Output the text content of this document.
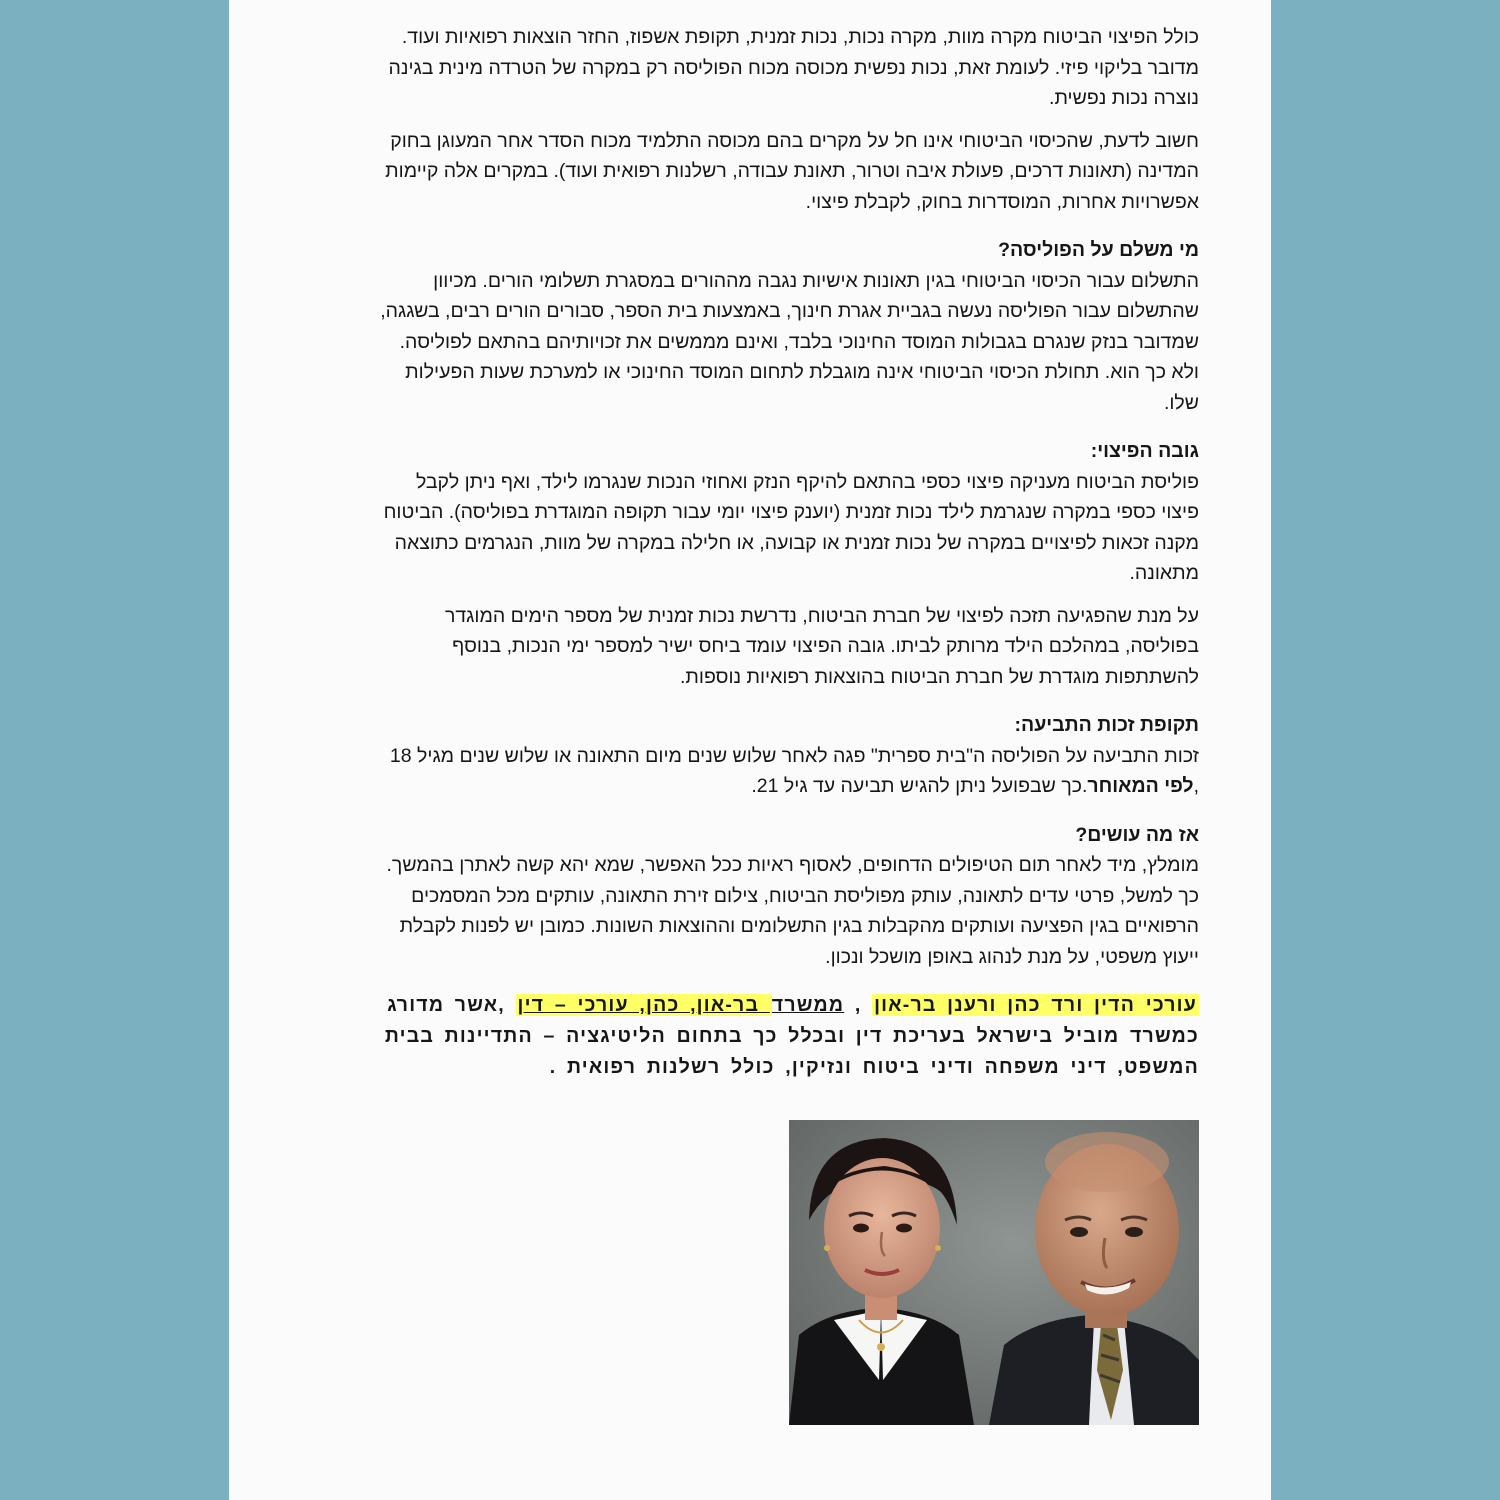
כולל הפיצוי הביטוח מקרה מוות, מקרה נכות, נכות זמנית, תקופת אשפוז, החזר הוצאות רפואיות ועוד. מדובר בליקוי פיזי. לעומת זאת, נכות נפשית מכוסה מכוח הפוליסה רק במקרה של הטרדה מינית בגינה נוצרה נכות נפשית.

חשוב לדעת, שהכיסוי הביטוחי אינו חל על מקרים בהם מכוסה התלמיד מכוח הסדר אחר המעוגן בחוק המדינה (תאונות דרכים, פעולת איבה וטרור, תאונת עבודה, רשלנות רפואית ועוד). במקרים אלה קיימות אפשרויות אחרות, המוסדרות בחוק, לקבלת פיצוי.

מי משלם על הפוליסה?

התשלום עבור הכיסוי הביטוחי בגין תאונות אישיות נגבה מההורים במסגרת תשלומי הורים. מכיוון שהתשלום עבור הפוליסה נעשה בגביית אגרת חינוך, באמצעות בית הספר, סבורים הורים רבים, בשגגה, שמדובר בנזק שנגרם בגבולות המוסד החינוכי בלבד, ואינם מממשים את זכויותיהם בהתאם לפוליסה. ולא כך הוא. תחולת הכיסוי הביטוחי אינה מוגבלת לתחום המוסד החינוכי או למערכת שעות הפעילות שלו.

גובה הפיצוי:

פוליסת הביטוח מעניקה פיצוי כספי בהתאם להיקף הנזק ואחוזי הנכות שנגרמו לילד, ואף ניתן לקבל פיצוי כספי במקרה שנגרמת לילד נכות זמנית (יוענק פיצוי יומי עבור תקופה המוגדרת בפוליסה). הביטוח מקנה זכאות לפיצויים במקרה של נכות זמנית או קבועה, או חלילה במקרה של מוות, הנגרמים כתוצאה מתאונה.

על מנת שהפגיעה תזכה לפיצוי של חברת הביטוח, נדרשת נכות זמנית של מספר הימים המוגדר בפוליסה, במהלכם הילד מרותק לביתו. גובה הפיצוי עומד ביחס ישיר למספר ימי הנכות, בנוסף להשתתפות מוגדרת של חברת הביטוח בהוצאות רפואיות נוספות.

תקופת זכות התביעה:

זכות התביעה על הפוליסה ה"בית ספרית" פגה לאחר שלוש שנים מיום התאונה או שלוש שנים מגיל 18 ,לפי המאוחר.כך שבפועל ניתן להגיש תביעה עד גיל 21.

אז מה עושים?

מומלץ, מיד לאחר תום הטיפולים הדחופים, לאסוף ראיות ככל האפשר, שמא יהא קשה לאתרן בהמשך. כך למשל, פרטי עדים לתאונה, עותק מפוליסת הביטוח, צילום זירת התאונה, עותקים מכל המסמכים הרפואיים בגין הפציעה ועותקים מהקבלות בגין התשלומים וההוצאות השונות. כמובן יש לפנות לקבלת ייעוץ משפטי, על מנת לנהוג באופן מושכל ונכון.

עורכי הדין ורד כהן ורענן בר-און , ממשרד בר-און, כהן, עורכי – דין ,אשר מדורג כמשרד מוביל בישראל בעריכת דין ובכלל כך בתחום הליטיגציה – התדיינות בבית המשפט, דיני משפחה ודיני ביטוח ונזיקין, כולל רשלנות רפואית .
